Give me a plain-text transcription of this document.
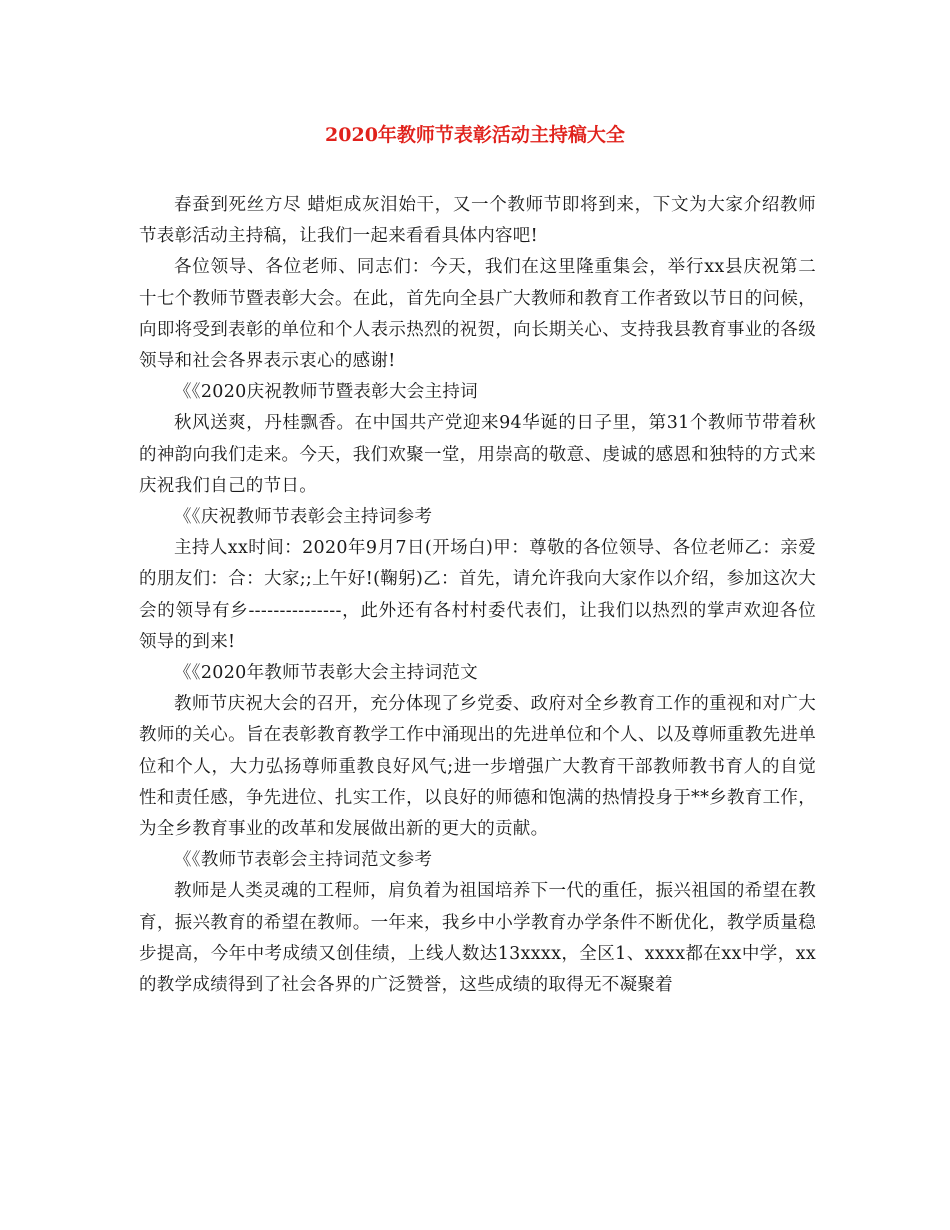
2020年教师节表彰活动主持稿大全

春蚕到死丝方尽 蜡炬成灰泪始干，又一个教师节即将到来，下文为大家介绍教师节表彰活动主持稿，让我们一起来看看具体内容吧!

各位领导、各位老师、同志们：今天，我们在这里隆重集会，举行xx县庆祝第二十七个教师节暨表彰大会。在此，首先向全县广大教师和教育工作者致以节日的问候，向即将受到表彰的单位和个人表示热烈的祝贺，向长期关心、支持我县教育事业的各级领导和社会各界表示衷心的感谢!

《《2020庆祝教师节暨表彰大会主持词

秋风送爽，丹桂飘香。在中国共产党迎来94华诞的日子里，第31个教师节带着秋的神韵向我们走来。今天，我们欢聚一堂，用崇高的敬意、虔诚的感恩和独特的方式来庆祝我们自己的节日。

《《庆祝教师节表彰会主持词参考

主持人xx时间：2020年9月7日(开场白)甲：尊敬的各位领导、各位老师乙：亲爱的朋友们：合：大家;;上午好!(鞠躬)乙：首先，请允许我向大家作以介绍，参加这次大会的领导有乡---------------，此外还有各村村委代表们，让我们以热烈的掌声欢迎各位领导的到来!

《《2020年教师节表彰大会主持词范文

教师节庆祝大会的召开，充分体现了乡党委、政府对全乡教育工作的重视和对广大教师的关心。旨在表彰教育教学工作中涌现出的先进单位和个人、以及尊师重教先进单位和个人，大力弘扬尊师重教良好风气;进一步增强广大教育干部教师教书育人的自觉性和责任感，争先进位、扎实工作，以良好的师德和饱满的热情投身于**乡教育工作，为全乡教育事业的改革和发展做出新的更大的贡献。

《《教师节表彰会主持词范文参考

教师是人类灵魂的工程师，肩负着为祖国培养下一代的重任，振兴祖国的希望在教育，振兴教育的希望在教师。一年来，我乡中小学教育办学条件不断优化，教学质量稳步提高，今年中考成绩又创佳绩，上线人数达13xxxx，全区1、xxxx都在xx中学，xx的教学成绩得到了社会各界的广泛赞誉，这些成绩的取得无不凝聚着
